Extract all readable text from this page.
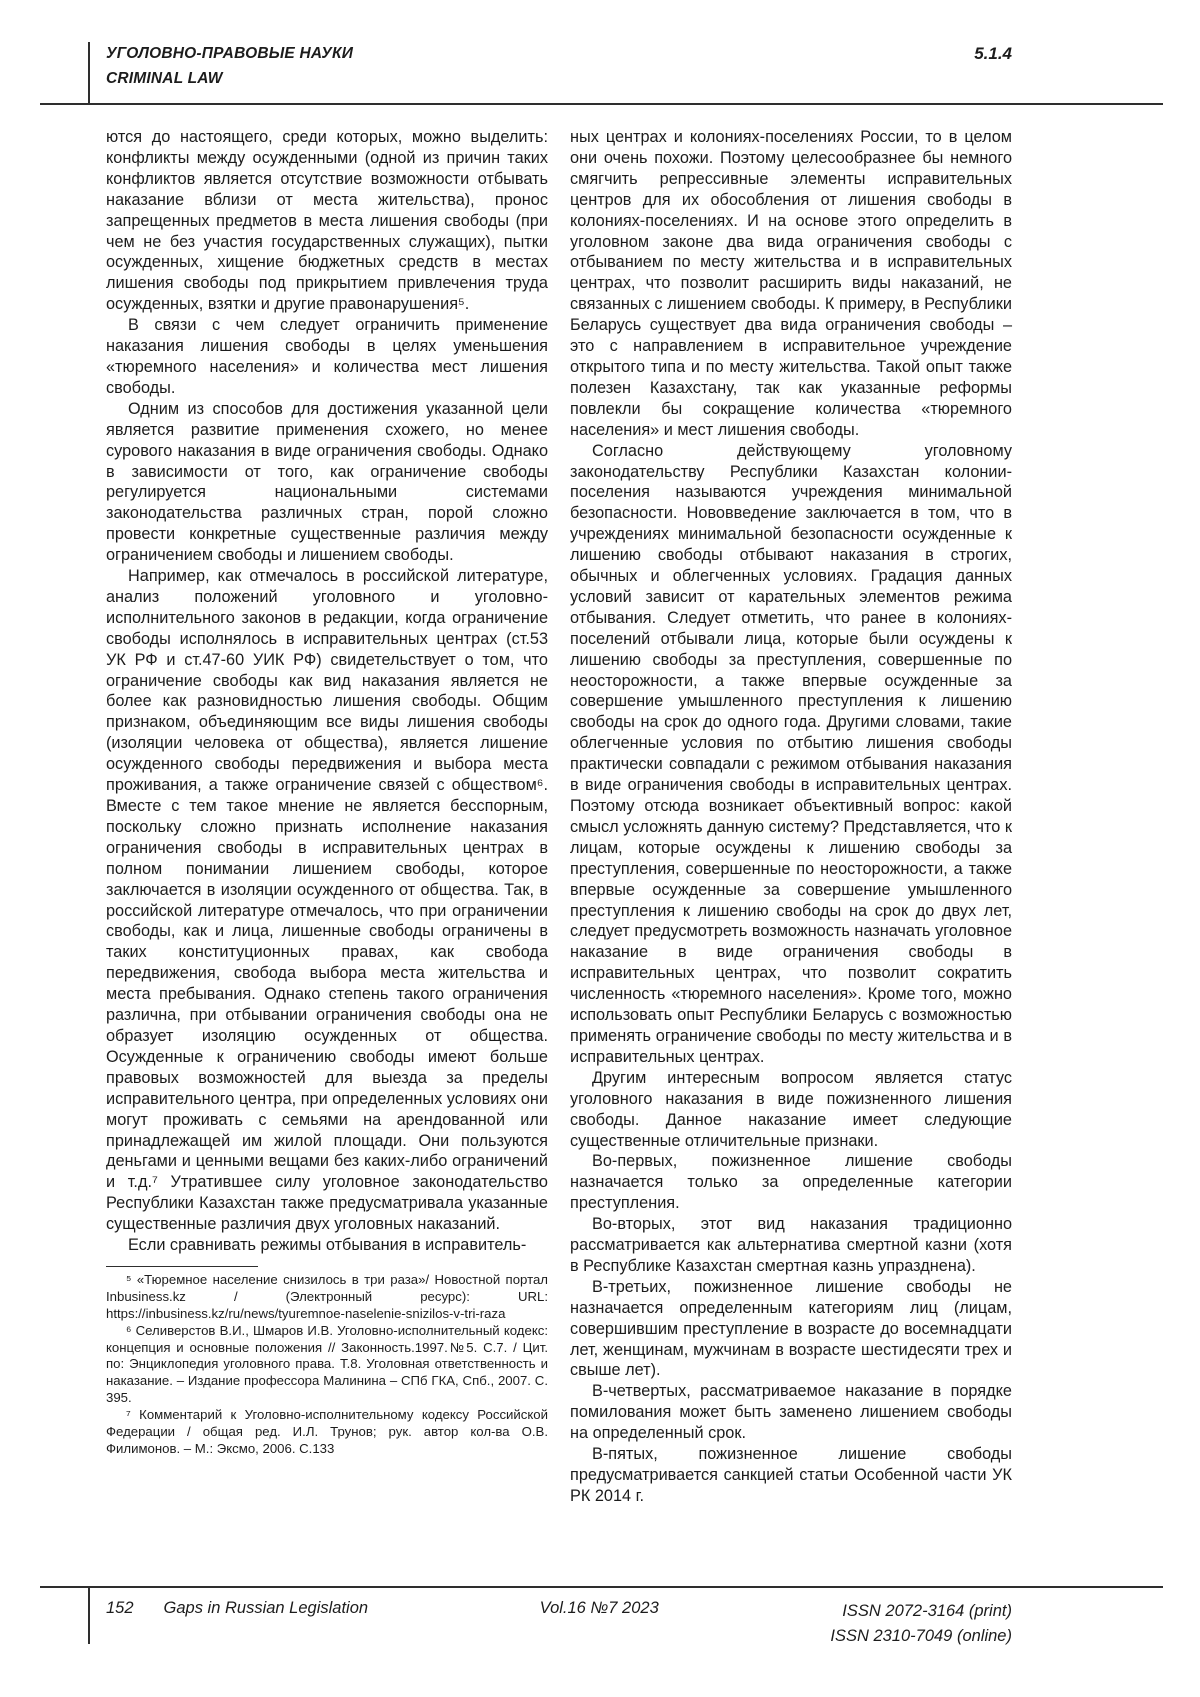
УГОЛОВНО-ПРАВОВЫЕ НАУКИ
CRIMINAL LAW
5.1.4

ются до настоящего, среди которых, можно выделить: конфликты между осужденными (одной из причин таких конфликтов является отсутствие возможности отбывать наказание вблизи от места жительства), пронос запрещенных предметов в места лишения свободы (при чем не без участия государственных служащих), пытки осужденных, хищение бюджетных средств в местах лишения свободы под прикрытием привлечения труда осужденных, взятки и другие правонарушения⁵.

В связи с чем следует ограничить применение наказания лишения свободы в целях уменьшения «тюремного населения» и количества мест лишения свободы.

Одним из способов для достижения указанной цели является развитие применения схожего, но менее сурового наказания в виде ограничения свободы. Однако в зависимости от того, как ограничение свободы регулируется национальными системами законодательства различных стран, порой сложно провести конкретные существенные различия между ограничением свободы и лишением свободы.

Например, как отмечалось в российской литературе, анализ положений уголовного и уголовно-исполнительного законов в редакции, когда ограничение свободы исполнялось в исправительных центрах (ст.53 УК РФ и ст.47-60 УИК РФ) свидетельствует о том, что ограничение свободы как вид наказания является не более как разновидностью лишения свободы. Общим признаком, объединяющим все виды лишения свободы (изоляции человека от общества), является лишение осужденного свободы передвижения и выбора места проживания, а также ограничение связей с обществом⁶. Вместе с тем такое мнение не является бесспорным, поскольку сложно признать исполнение наказания ограничения свободы в исправительных центрах в полном понимании лишением свободы, которое заключается в изоляции осужденного от общества. Так, в российской литературе отмечалось, что при ограничении свободы, как и лица, лишенные свободы ограничены в таких конституционных правах, как свобода передвижения, свобода выбора места жительства и места пребывания. Однако степень такого ограничения различна, при отбывании ограничения свободы она не образует изоляцию осужденных от общества. Осужденные к ограничению свободы имеют больше правовых возможностей для выезда за пределы исправительного центра, при определенных условиях они могут проживать с семьями на арендованной или принадлежащей им жилой площади. Они пользуются деньгами и ценными вещами без каких-либо ограничений и т.д.⁷ Утратившее силу уголовное законодательство Республики Казахстан также предусматривала указанные существенные различия двух уголовных наказаний.

Если сравнивать режимы отбывания в исправитель-

⁵ «Тюремное население снизилось в три раза»/ Новостной портал Inbusiness.kz / (Электронный ресурс): URL: https://inbusiness.kz/ru/news/tyuremnoe-naselenie-snizilos-v-tri-raza

⁶ Селиверстов В.И., Шмаров И.В. Уголовно-исполнительный кодекс: концепция и основные положения // Законность.1997.№5. С.7. / Цит. по: Энциклопедия уголовного права. Т.8. Уголовная ответственность и наказание. – Издание профессора Малинина – СПб ГКА, Спб., 2007. С. 395.

⁷ Комментарий к Уголовно-исполнительному кодексу Российской Федерации / общая ред. И.Л. Трунов; рук. автор кол-ва О.В. Филимонов. – М.: Эксмо, 2006. С.133

ных центрах и колониях-поселениях России, то в целом они очень похожи. Поэтому целесообразнее бы немного смягчить репрессивные элементы исправительных центров для их обособления от лишения свободы в колониях-поселениях. И на основе этого определить в уголовном законе два вида ограничения свободы с отбыванием по месту жительства и в исправительных центрах, что позволит расширить виды наказаний, не связанных с лишением свободы. К примеру, в Республики Беларусь существует два вида ограничения свободы – это с направлением в исправительное учреждение открытого типа и по месту жительства. Такой опыт также полезен Казахстану, так как указанные реформы повлекли бы сокращение количества «тюремного населения» и мест лишения свободы.

Согласно действующему уголовному законодательству Республики Казахстан колонии-поселения называются учреждения минимальной безопасности. Нововведение заключается в том, что в учреждениях минимальной безопасности осужденные к лишению свободы отбывают наказания в строгих, обычных и облегченных условиях. Градация данных условий зависит от карательных элементов режима отбывания. Следует отметить, что ранее в колониях-поселений отбывали лица, которые были осуждены к лишению свободы за преступления, совершенные по неосторожности, а также впервые осужденные за совершение умышленного преступления к лишению свободы на срок до одного года. Другими словами, такие облегченные условия по отбытию лишения свободы практически совпадали с режимом отбывания наказания в виде ограничения свободы в исправительных центрах. Поэтому отсюда возникает объективный вопрос: какой смысл усложнять данную систему? Представляется, что к лицам, которые осуждены к лишению свободы за преступления, совершенные по неосторожности, а также впервые осужденные за совершение умышленного преступления к лишению свободы на срок до двух лет, следует предусмотреть возможность назначать уголовное наказание в виде ограничения свободы в исправительных центрах, что позволит сократить численность «тюремного населения». Кроме того, можно использовать опыт Республики Беларусь с возможностью применять ограничение свободы по месту жительства и в исправительных центрах.

Другим интересным вопросом является статус уголовного наказания в виде пожизненного лишения свободы. Данное наказание имеет следующие существенные отличительные признаки.

Во-первых, пожизненное лишение свободы назначается только за определенные категории преступления.

Во-вторых, этот вид наказания традиционно рассматривается как альтернатива смертной казни (хотя в Республике Казахстан смертная казнь упразднена).

В-третьих, пожизненное лишение свободы не назначается определенным категориям лиц (лицам, совершившим преступление в возрасте до восемнадцати лет, женщинам, мужчинам в возрасте шестидесяти трех и свыше лет).

В-четвертых, рассматриваемое наказание в порядке помилования может быть заменено лишением свободы на определенный срок.

В-пятых, пожизненное лишение свободы предусматривается санкцией статьи Особенной части УК РК 2014 г.

152 Gaps in Russian Legislation	Vol.16 №7 2023	ISSN 2072-3164 (print)
ISSN 2310-7049 (online)
